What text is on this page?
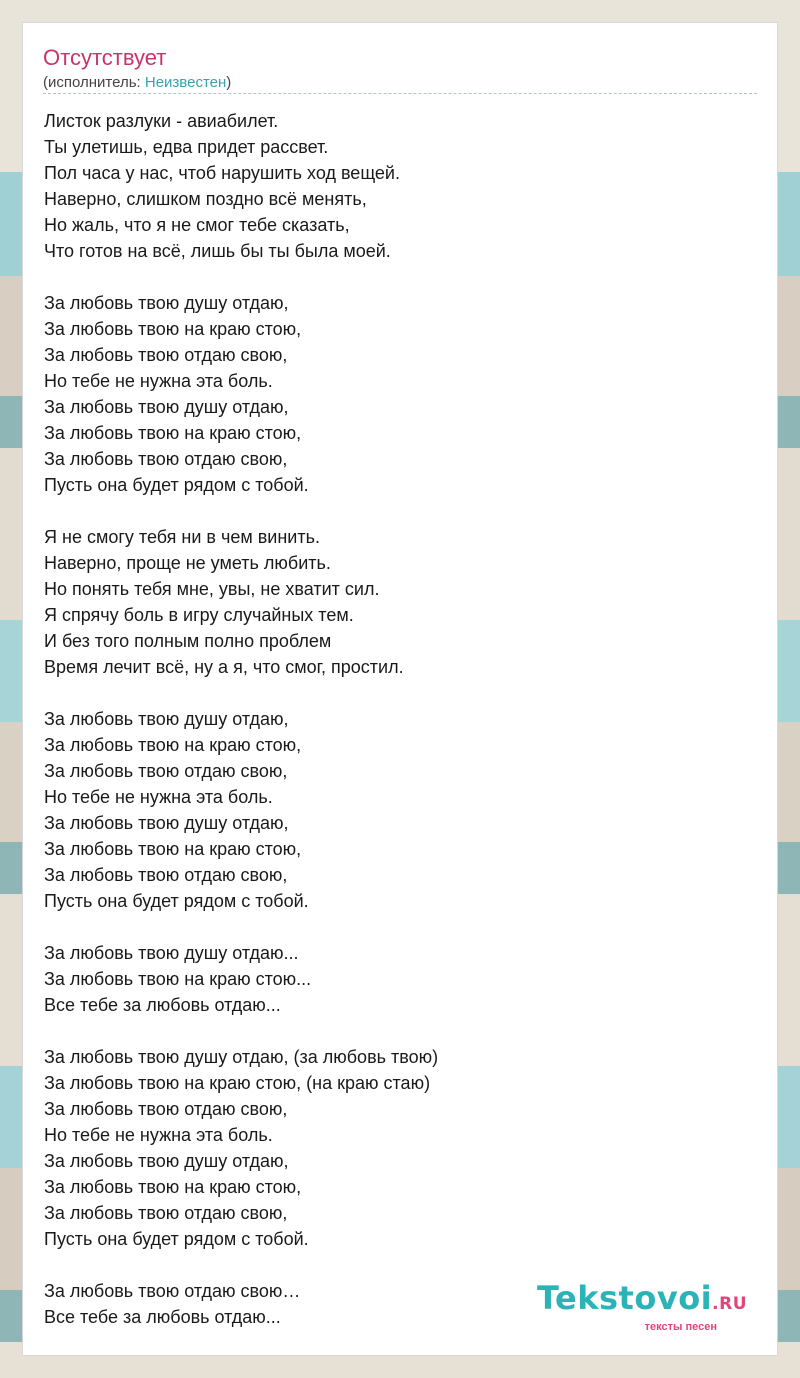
Отсутствует
(исполнитель: Неизвестен)
Листок разлуки - авиабилет.
Ты улетишь, едва придет рассвет.
Пол часа у нас, чтоб нарушить ход вещей.
Наверно, слишком поздно всё менять,
Но жаль, что я не смог тебе сказать,
Что готов на всё, лишь бы ты была моей.
За любовь твою душу отдаю,
За любовь твою на краю стою,
За любовь твою отдаю свою,
Но тебе не нужна эта боль.
За любовь твою душу отдаю,
За любовь твою на краю стою,
За любовь твою отдаю свою,
Пусть она будет рядом с тобой.
Я не смогу тебя ни в чем винить.
Наверно, проще не уметь любить.
Но понять тебя мне, увы, не хватит сил.
Я спрячу боль в игру случайных тем.
И без того полным полно проблем
Время лечит всё, ну а я, что смог, простил.
За любовь твою душу отдаю,
За любовь твою на краю стою,
За любовь твою отдаю свою,
Но тебе не нужна эта боль.
За любовь твою душу отдаю,
За любовь твою на краю стою,
За любовь твою отдаю свою,
Пусть она будет рядом с тобой.
За любовь твою душу отдаю...
За любовь твою на краю стою...
Все тебе за любовь отдаю...
За любовь твою душу отдаю, (за любовь твою)
За любовь твою на краю стою, (на краю стаю)
За любовь твою отдаю свою,
Но тебе не нужна эта боль.
За любовь твою душу отдаю,
За любовь твою на краю стою,
За любовь твою отдаю свою,
Пусть она будет рядом с тобой.
За любовь твою отдаю свою…
Все тебе за любовь отдаю...	Tekstovoi.RU
тексты песен
